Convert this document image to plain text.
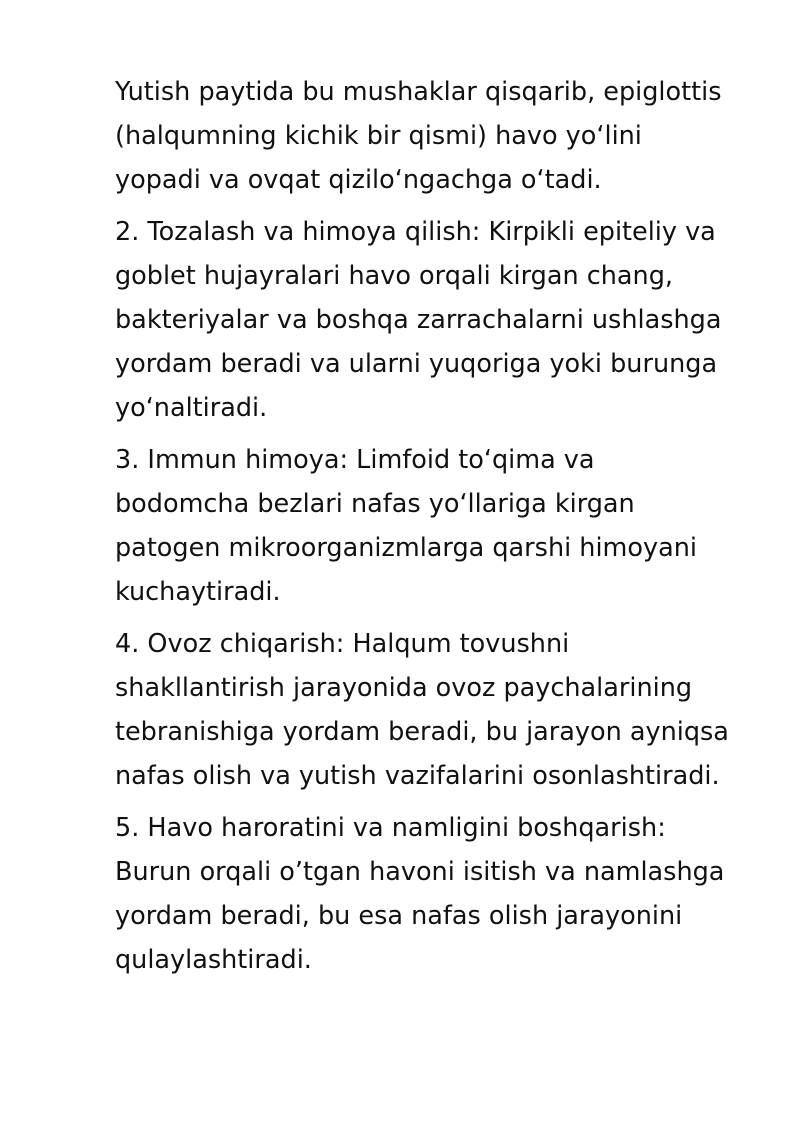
Yutish paytida bu mushaklar qisqarib, epiglottis
(halqumning kichik bir qismi) havo yo‘lini
yopadi va ovqat qizilo‘ngachga o‘tadi.

2. Tozalash va himoya qilish: Kirpikli epiteliy va
goblet hujayralari havo orqali kirgan chang,
bakteriyalar va boshqa zarrachalarni ushlashga
yordam beradi va ularni yuqoriga yoki burunga
yo‘naltiradi.

3. Immun himoya: Limfoid to‘qima va
bodomcha bezlari nafas yo‘llariga kirgan
patogen mikroorganizmlarga qarshi himoyani
kuchaytiradi.

4. Ovoz chiqarish: Halqum tovushni
shakllantirish jarayonida ovoz paychalarining
tebranishiga yordam beradi, bu jarayon ayniqsa
nafas olish va yutish vazifalarini osonlashtiradi.

5. Havo haroratini va namligini boshqarish:
Burun orqali o’tgan havoni isitish va namlashga
yordam beradi, bu esa nafas olish jarayonini
qulaylashtiradi.
